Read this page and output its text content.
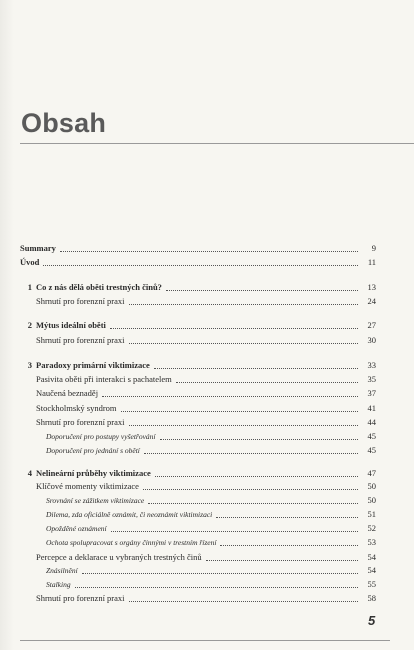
Obsah
Summary	9
Úvod	11
1 Co z nás dělá oběti trestných činů?	13
Shrnutí pro forenzní praxi	24
2 Mýtus ideální oběti	27
Shrnutí pro forenzní praxi	30
3 Paradoxy primární viktimizace	33
Pasivita oběti při interakci s pachatelem	35
Naučená beznaděj	37
Stockholmský syndrom	41
Shrnutí pro forenzní praxi	44
Doporučení pro postupy vyšetřování	45
Doporučení pro jednání s obětí	45
4 Nelineární průběhy viktimizace	47
Klíčové momenty viktimizace	50
Srovnání se zážitkem viktimizace	50
Dilema, zda oficiálně oznámit, či neoznámit viktimizaci	51
Opožděné oznámení	52
Ochota spolupracovat s orgány činnými v trestním řízení	53
Percepce a deklarace u vybraných trestných činů	54
Znásilnění	54
Stalking	55
Shrnutí pro forenzní praxi	58
5
